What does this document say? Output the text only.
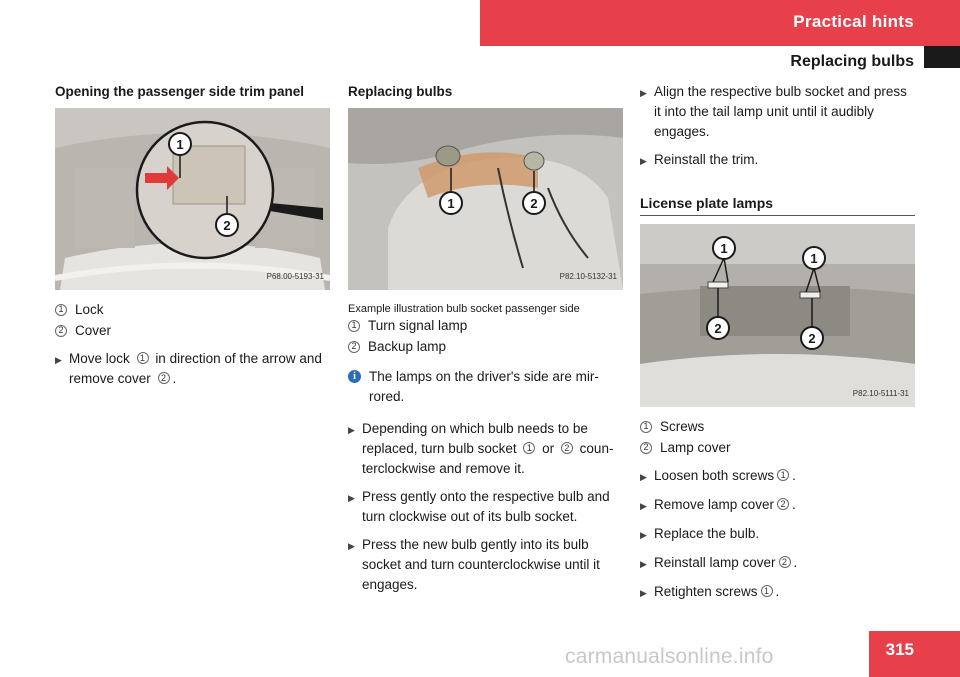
Practical hints
Replacing bulbs
Opening the passenger side trim panel
1
2
P68.00-5193-31
1 Lock
2 Cover
▶ Move lock 1 in direction of the arrow and remove cover 2 .
Replacing bulbs
1	2
P82.10-5132-31
Example illustration bulb socket passenger side
1 Turn signal lamp
2 Backup lamp
i The lamps on the driver's side are mir-rored.
▶ Depending on which bulb needs to be replaced, turn bulb socket 1 or 2 coun-terclockwise and remove it.
▶ Press gently onto the respective bulb and turn clockwise out of its bulb socket.
▶ Press the new bulb gently into its bulb socket and turn counterclockwise until it engages.
▶ Align the respective bulb socket and press it into the tail lamp unit until it audibly engages.
▶ Reinstall the trim.
License plate lamps
1
1
2
2
P82.10-5111-31
1 Screws
2 Lamp cover
▶ Loosen both screws 1 .
▶ Remove lamp cover 2 .
▶ Replace the bulb.
▶ Reinstall lamp cover 2 .
▶ Retighten screws 1 .
315
carmanualsonline.info
